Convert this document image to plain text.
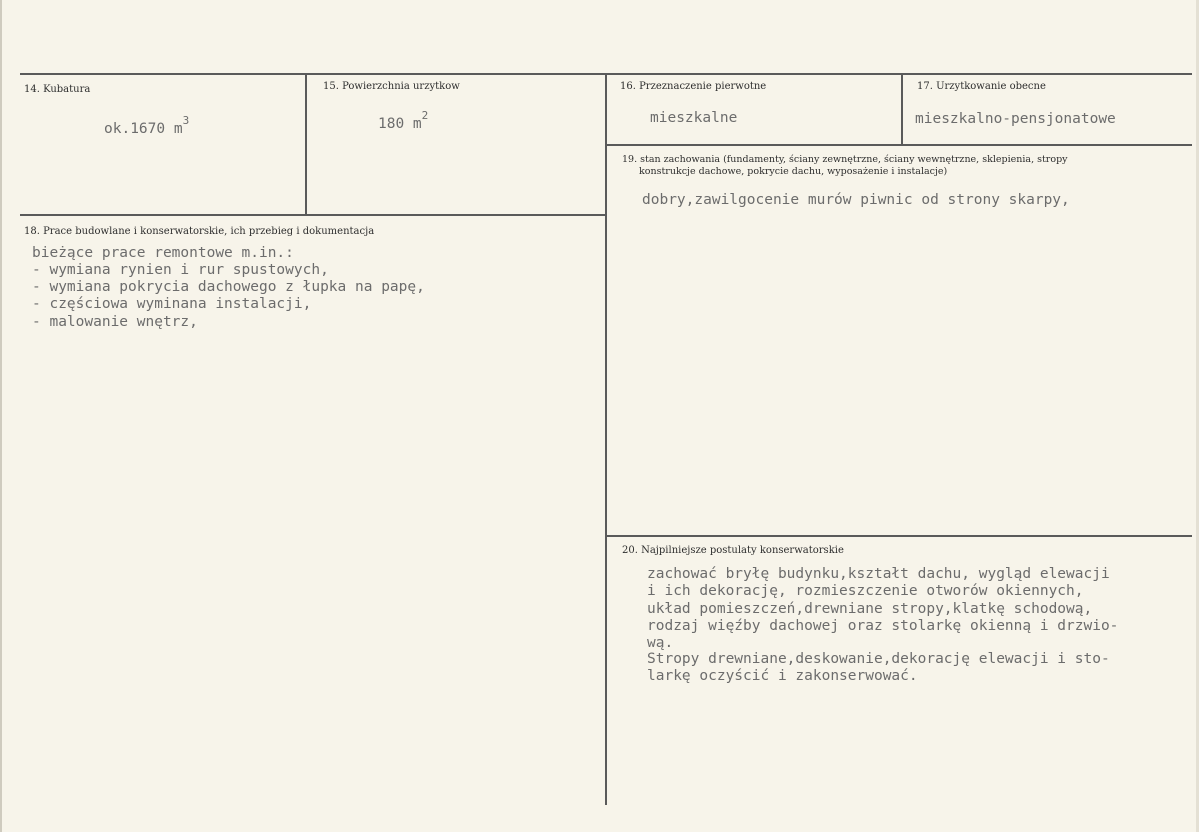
14. Kubatura
ok.1670 $m^3$
15. Powierzchnia urzytkow
180 $m^2$
16. Przeznaczenie pierwotne
mieszkalne
17. Urzytkowanie obecne
mieszkalno-pensjonatowe
19. stan zachowania (fundamenty, ściany zewnętrzne, ściany wewnętrzne, sklepienia, stropy
konstrukcje dachowe, pokrycie dachu, wyposażenie i instalacje)
dobry,zawilgocenie murów piwnic od strony skarpy,
18. Prace budowlane i konserwatorskie, ich przebieg i dokumentacja
bieżące prace remontowe m.in.:
- wymiana rynien i rur spustowych,
- wymiana pokrycia dachowego z łupka na papę,
- częściowa wyminana instalacji,
- malowanie wnętrz,
20. Najpilniejsze postulaty konserwatorskie
zachować bryłę budynku,kształt dachu, wygląd elewacji
i ich dekorację, rozmieszczenie otworów okiennych,
układ pomieszczeń,drewniane stropy,klatkę schodową,
rodzaj więźby dachowej oraz stolarkę okienną i drzwio-
wą.
Stropy drewniane,deskowanie,dekorację elewacji i sto-
larkę oczyścić i zakonserwować.
